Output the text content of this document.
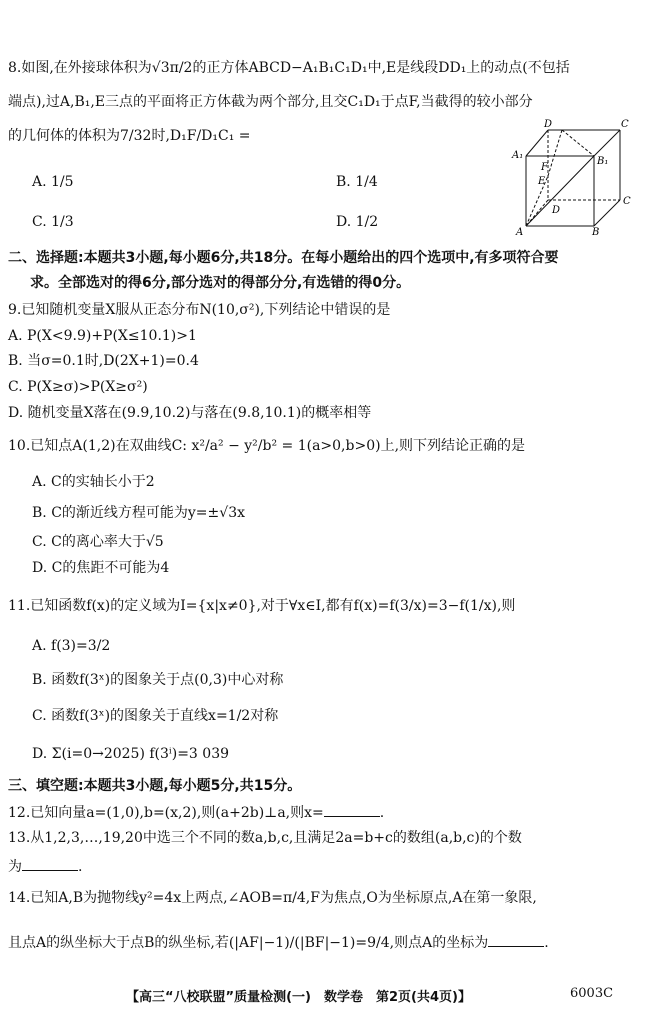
8.如图,在外接球体积为√3π/2的正方体ABCD−A₁B₁C₁D₁中,E是线段DD₁上的动点(不包括
端点),过A,B₁,E三点的平面将正方体截为两个部分,且交C₁D₁于点F,当截得的较小部分
的几何体的体积为7/32时,D₁F/D₁C₁ =
A. 1/5	B. 1/4
C. 1/3	D. 1/2
D	C
A₁
B₁
F
E
D
C
A	B
二、选择题:本题共3小题,每小题6分,共18分。在每小题给出的四个选项中,有多项符合要
求。全部选对的得6分,部分选对的得部分分,有选错的得0分。
9.已知随机变量X服从正态分布N(10,σ²),下列结论中错误的是
A. P(X<9.9)+P(X≤10.1)>1
B. 当σ=0.1时,D(2X+1)=0.4
C. P(X≥σ)>P(X≥σ²)
D. 随机变量X落在(9.9,10.2)与落在(9.8,10.1)的概率相等
10.已知点A(1,2)在双曲线C: x²/a² − y²/b² = 1(a>0,b>0)上,则下列结论正确的是
A. C的实轴长小于2
B. C的渐近线方程可能为y=±√3x
C. C的离心率大于√5
D. C的焦距不可能为4
11.已知函数f(x)的定义域为I={x|x≠0},对于∀x∈I,都有f(x)=f(3/x)=3−f(1/x),则
A. f(3)=3/2
B. 函数f(3ˣ)的图象关于点(0,3)中心对称
C. 函数f(3ˣ)的图象关于直线x=1/2对称
D. Σ(i=0→2025) f(3ⁱ)=3 039
三、填空题:本题共3小题,每小题5分,共15分。
12.已知向量a=(1,0),b=(x,2),则(a+2b)⊥a,则x=	.
13.从1,2,3,…,19,20中选三个不同的数a,b,c,且满足2a=b+c的数组(a,b,c)的个数
为	.
14.已知A,B为抛物线y²=4x上两点,∠AOB=π/4,F为焦点,O为坐标原点,A在第一象限,
且点A的纵坐标大于点B的纵坐标,若(|AF|−1)/(|BF|−1)=9/4,则点A的坐标为	.
【高三“八校联盟”质量检测(一)　数学卷　第2页(共4页)】	6003C
